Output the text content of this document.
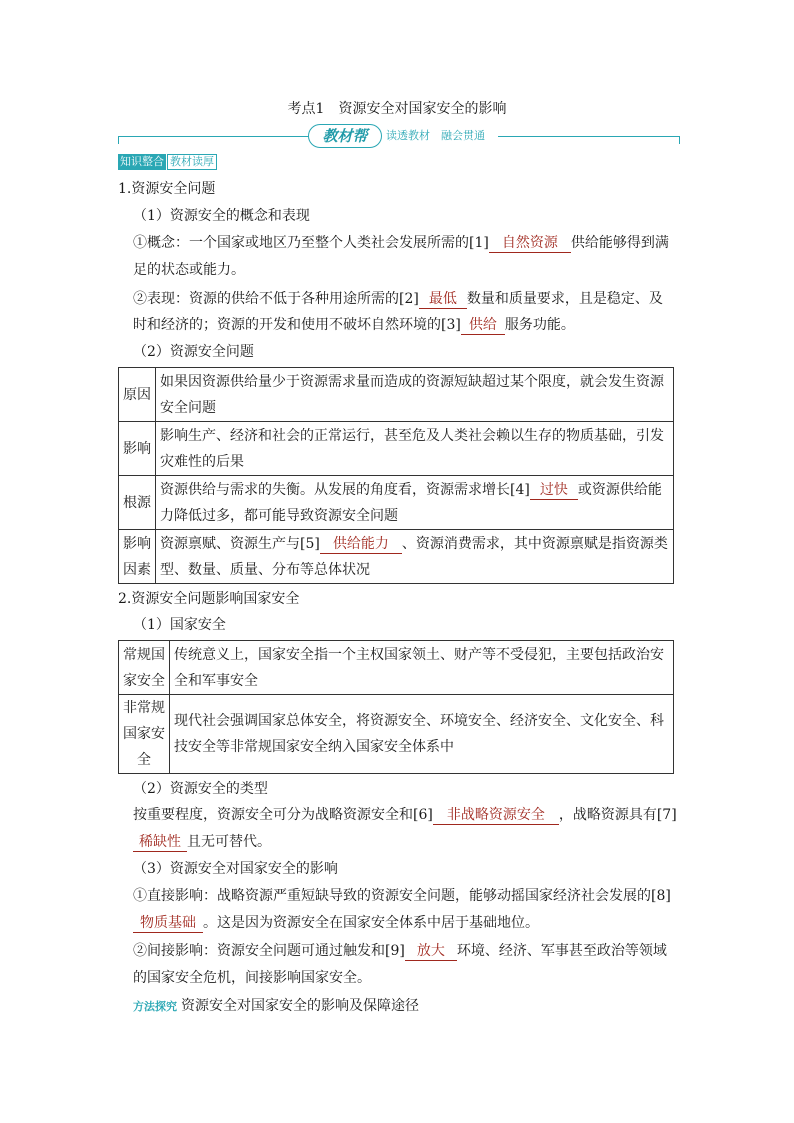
考点1　资源安全对国家安全的影响
教材帮	读透教材　融会贯通
知识整合 教材读厚
1.资源安全问题
（1）资源安全的概念和表现
①概念：一个国家或地区乃至整个人类社会发展所需的[1] 自然资源 供给能够得到满
足的状态或能力。
②表现：资源的供给不低于各种用途所需的[2] 最低 数量和质量要求，且是稳定、及
时和经济的；资源的开发和使用不破坏自然环境的[3] 供给 服务功能。
（2）资源安全问题
原因	如果因资源供给量少于资源需求量而造成的资源短缺超过某个限度，就会发生资源安全问题
影响	影响生产、经济和社会的正常运行，甚至危及人类社会赖以生存的物质基础，引发灾难性的后果
根源	资源供给与需求的失衡。从发展的角度看，资源需求增长[4] 过快 或资源供给能力降低过多，都可能导致资源安全问题
影响因素	资源禀赋、资源生产与[5] 供给能力 、资源消费需求，其中资源禀赋是指资源类型、数量、质量、分布等总体状况
2.资源安全问题影响国家安全
（1）国家安全
常规国家安全	传统意义上，国家安全指一个主权国家领土、财产等不受侵犯，主要包括政治安全和军事安全
非常规国家安全	现代社会强调国家总体安全，将资源安全、环境安全、经济安全、文化安全、科技安全等非常规国家安全纳入国家安全体系中
（2）资源安全的类型
按重要程度，资源安全可分为战略资源安全和[6] 非战略资源安全 ，战略资源具有[7]
稀缺性 且无可替代。
（3）资源安全对国家安全的影响
①直接影响：战略资源严重短缺导致的资源安全问题，能够动摇国家经济社会发展的[8]
物质基础 。这是因为资源安全在国家安全体系中居于基础地位。
②间接影响：资源安全问题可通过触发和[9] 放大 环境、经济、军事甚至政治等领域
的国家安全危机，间接影响国家安全。
方法探究 资源安全对国家安全的影响及保障途径
